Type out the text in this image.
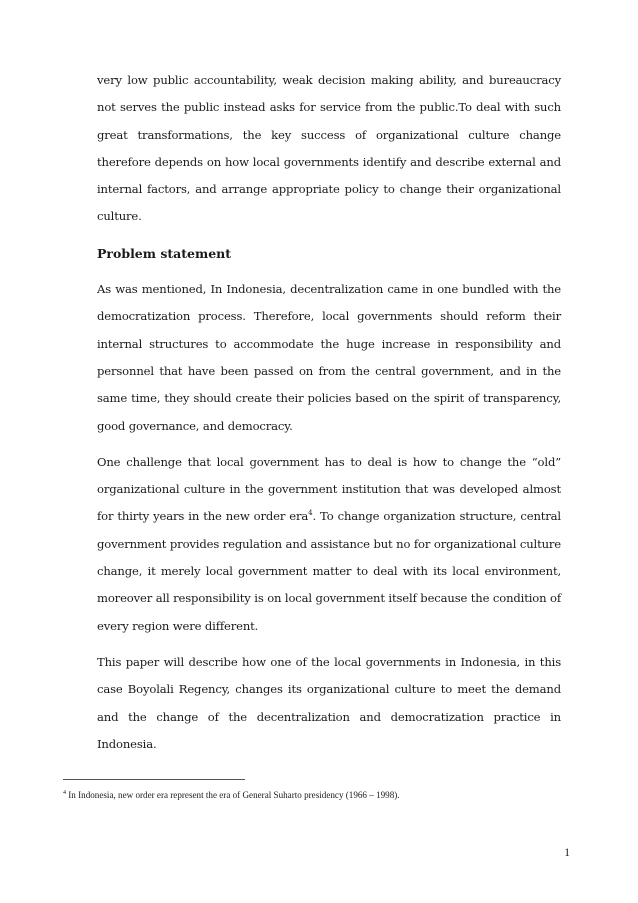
very low public accountability, weak decision making ability, and bureaucracy not serves the public instead asks for service from the public.To deal with such great transformations, the key success of organizational culture change therefore depends on how local governments identify and describe external and internal factors, and arrange appropriate policy to change their organizational culture.

Problem statement

As was mentioned, In Indonesia, decentralization came in one bundled with the democratization process. Therefore, local governments should reform their internal structures to accommodate the huge increase in responsibility and personnel that have been passed on from the central government, and in the same time, they should create their policies based on the spirit of transparency, good governance, and democracy.

One challenge that local government has to deal is how to change the “old” organizational culture in the government institution that was developed almost for thirty years in the new order era$^4$. To change organization structure, central government provides regulation and assistance but no for organizational culture change, it merely local government matter to deal with its local environment, moreover all responsibility is on local government itself because the condition of every region were different.

This paper will describe how one of the local governments in Indonesia, in this case Boyolali Regency, changes its organizational culture to meet the demand and the change of the decentralization and democratization practice in Indonesia.

$^4$ In Indonesia, new order era represent the era of General Suharto presidency (1966 – 1998).
1
